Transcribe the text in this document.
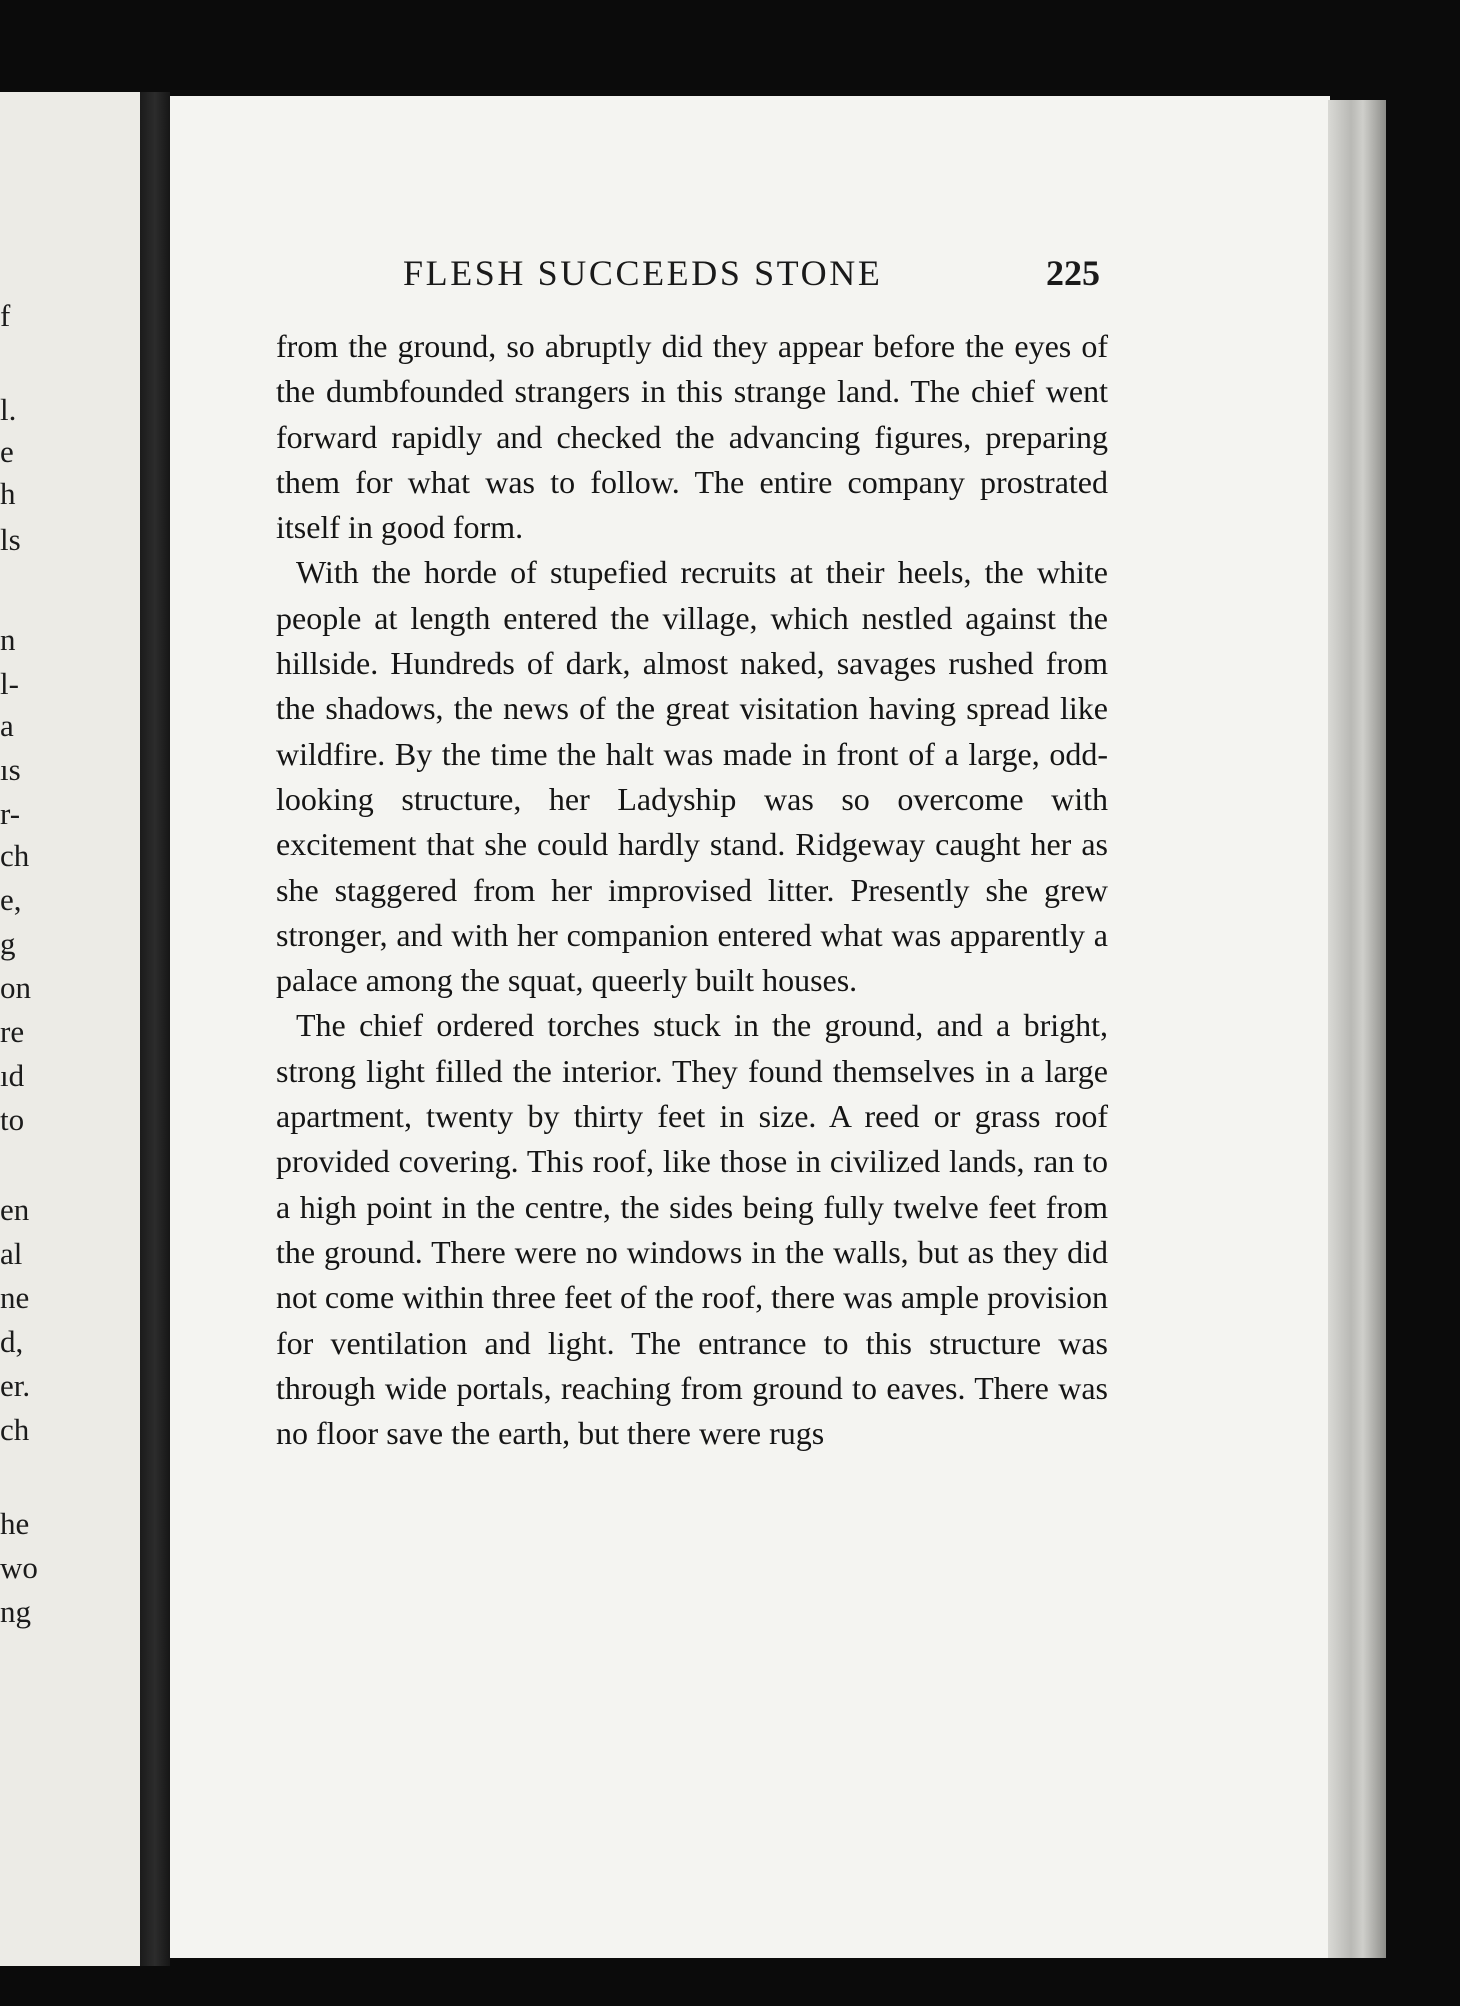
f
l.
e
h
ls
n
l-
a
ıs
r-
ch
e,
g
on
re
ıd
to
en
al
ne
d,
er.
ch
he
wo
ng
FLESH SUCCEEDS STONE	225

from the ground, so abruptly did they appear before the eyes of the dumbfounded strangers in this strange land. The chief went forward rapidly and checked the advancing figures, preparing them for what was to follow. The entire company prostrated itself in good form.

With the horde of stupefied recruits at their heels, the white people at length entered the village, which nestled against the hillside. Hundreds of dark, almost naked, savages rushed from the shadows, the news of the great visitation having spread like wildfire. By the time the halt was made in front of a large, odd-looking structure, her Ladyship was so overcome with excitement that she could hardly stand. Ridgeway caught her as she staggered from her improvised litter. Presently she grew stronger, and with her companion entered what was apparently a palace among the squat, queerly built houses.

The chief ordered torches stuck in the ground, and a bright, strong light filled the interior. They found themselves in a large apartment, twenty by thirty feet in size. A reed or grass roof provided covering. This roof, like those in civilized lands, ran to a high point in the centre, the sides being fully twelve feet from the ground. There were no windows in the walls, but as they did not come within three feet of the roof, there was ample provision for ventilation and light. The entrance to this structure was through wide portals, reaching from ground to eaves. There was no floor save the earth, but there were rugs
